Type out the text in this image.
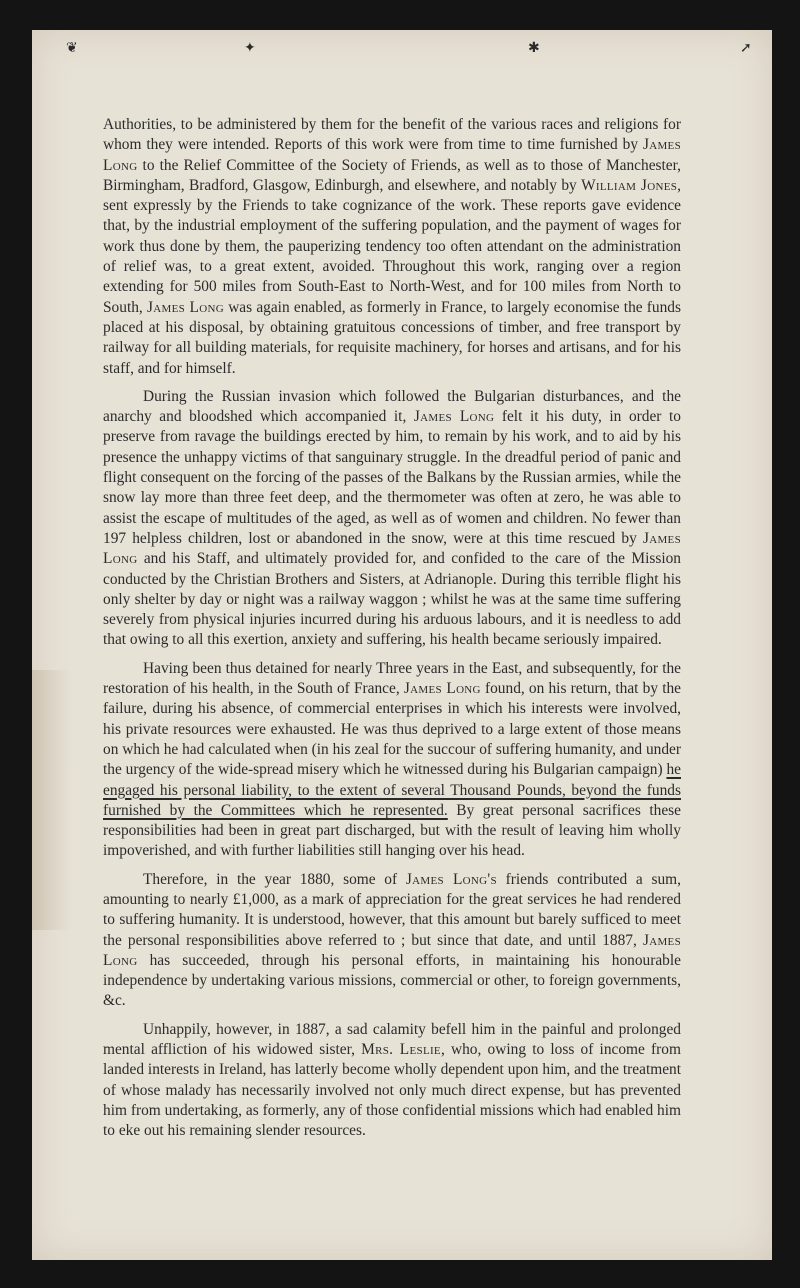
❦	✦	✱	➚

Authorities, to be administered by them for the benefit of the various races and religions for whom they were intended. Reports of this work were from time to time furnished by James Long to the Relief Committee of the Society of Friends, as well as to those of Manchester, Birmingham, Bradford, Glasgow, Edinburgh, and elsewhere, and notably by William Jones, sent expressly by the Friends to take cognizance of the work. These reports gave evidence that, by the industrial employment of the suffering population, and the payment of wages for work thus done by them, the pauperizing tendency too often attendant on the administration of relief was, to a great extent, avoided. Throughout this work, ranging over a region extending for 500 miles from South-East to North-West, and for 100 miles from North to South, James Long was again enabled, as formerly in France, to largely economise the funds placed at his disposal, by obtaining gratuitous concessions of timber, and free transport by railway for all building materials, for requisite machinery, for horses and artisans, and for his staff, and for himself.

During the Russian invasion which followed the Bulgarian disturbances, and the anarchy and bloodshed which accompanied it, James Long felt it his duty, in order to preserve from ravage the buildings erected by him, to remain by his work, and to aid by his presence the unhappy victims of that sanguinary struggle. In the dreadful period of panic and flight consequent on the forcing of the passes of the Balkans by the Russian armies, while the snow lay more than three feet deep, and the thermometer was often at zero, he was able to assist the escape of multitudes of the aged, as well as of women and children. No fewer than 197 helpless children, lost or abandoned in the snow, were at this time rescued by James Long and his Staff, and ultimately provided for, and confided to the care of the Mission conducted by the Christian Brothers and Sisters, at Adrianople. During this terrible flight his only shelter by day or night was a railway waggon ; whilst he was at the same time suffering severely from physical injuries incurred during his arduous labours, and it is needless to add that owing to all this exertion, anxiety and suffering, his health became seriously impaired.

Having been thus detained for nearly Three years in the East, and subsequently, for the restoration of his health, in the South of France, James Long found, on his return, that by the failure, during his absence, of commercial enterprises in which his interests were involved, his private resources were exhausted. He was thus deprived to a large extent of those means on which he had calculated when (in his zeal for the succour of suffering humanity, and under the urgency of the wide-spread misery which he witnessed during his Bulgarian campaign) he engaged his personal liability, to the extent of several Thousand Pounds, beyond the funds furnished by the Committees which he represented. By great personal sacrifices these responsibilities had been in great part discharged, but with the result of leaving him wholly impoverished, and with further liabilities still hanging over his head.

Therefore, in the year 1880, some of James Long's friends contributed a sum, amounting to nearly £1,000, as a mark of appreciation for the great services he had rendered to suffering humanity. It is understood, however, that this amount but barely sufficed to meet the personal responsibilities above referred to ; but since that date, and until 1887, James Long has succeeded, through his personal efforts, in maintaining his honourable independence by undertaking various missions, commercial or other, to foreign governments, &c.

Unhappily, however, in 1887, a sad calamity befell him in the painful and prolonged mental affliction of his widowed sister, Mrs. Leslie, who, owing to loss of income from landed interests in Ireland, has latterly become wholly dependent upon him, and the treatment of whose malady has necessarily involved not only much direct expense, but has prevented him from undertaking, as formerly, any of those confidential missions which had enabled him to eke out his remaining slender resources.
